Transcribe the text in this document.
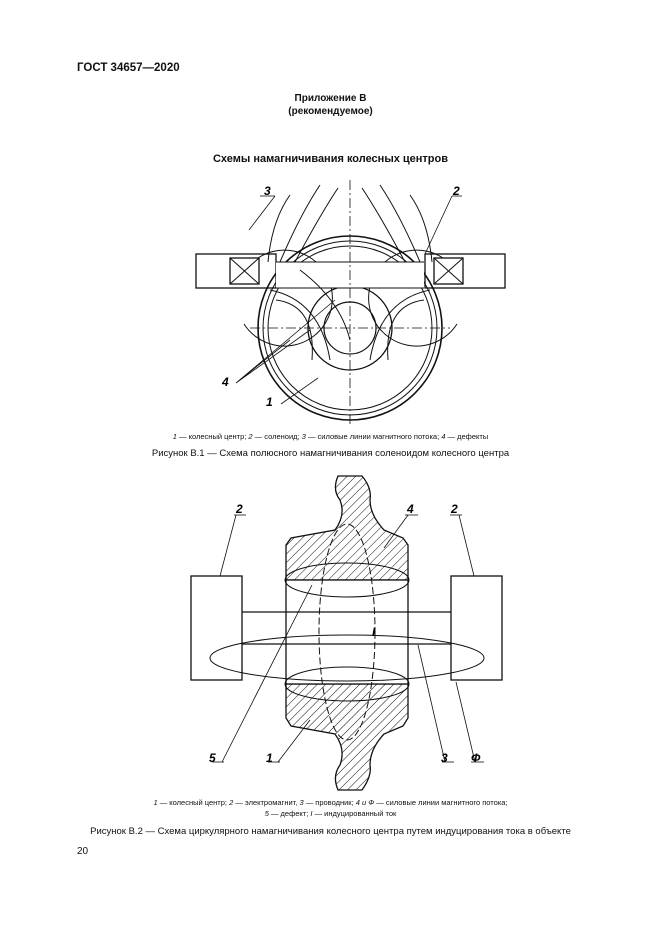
ГОСТ 34657—2020
Приложение В
(рекомендуемое)
Схемы намагничивания колесных центров
3	2
4
1
1 — колесный центр; 2 — соленоид; 3 — силовые линии магнитного потока; 4 — дефекты
Рисунок В.1 — Схема полюсного намагничивания соленоидом колесного центра
2	2
4
I
5	1	3 Ф
1 — колесный центр; 2 — электромагнит, 3 — проводник; 4 и Ф — силовые линии магнитного потока;
5 — дефект; I — индуцированный ток
Рисунок В.2 — Схема циркулярного намагничивания колесного центра путем индуцирования тока в объекте
20
